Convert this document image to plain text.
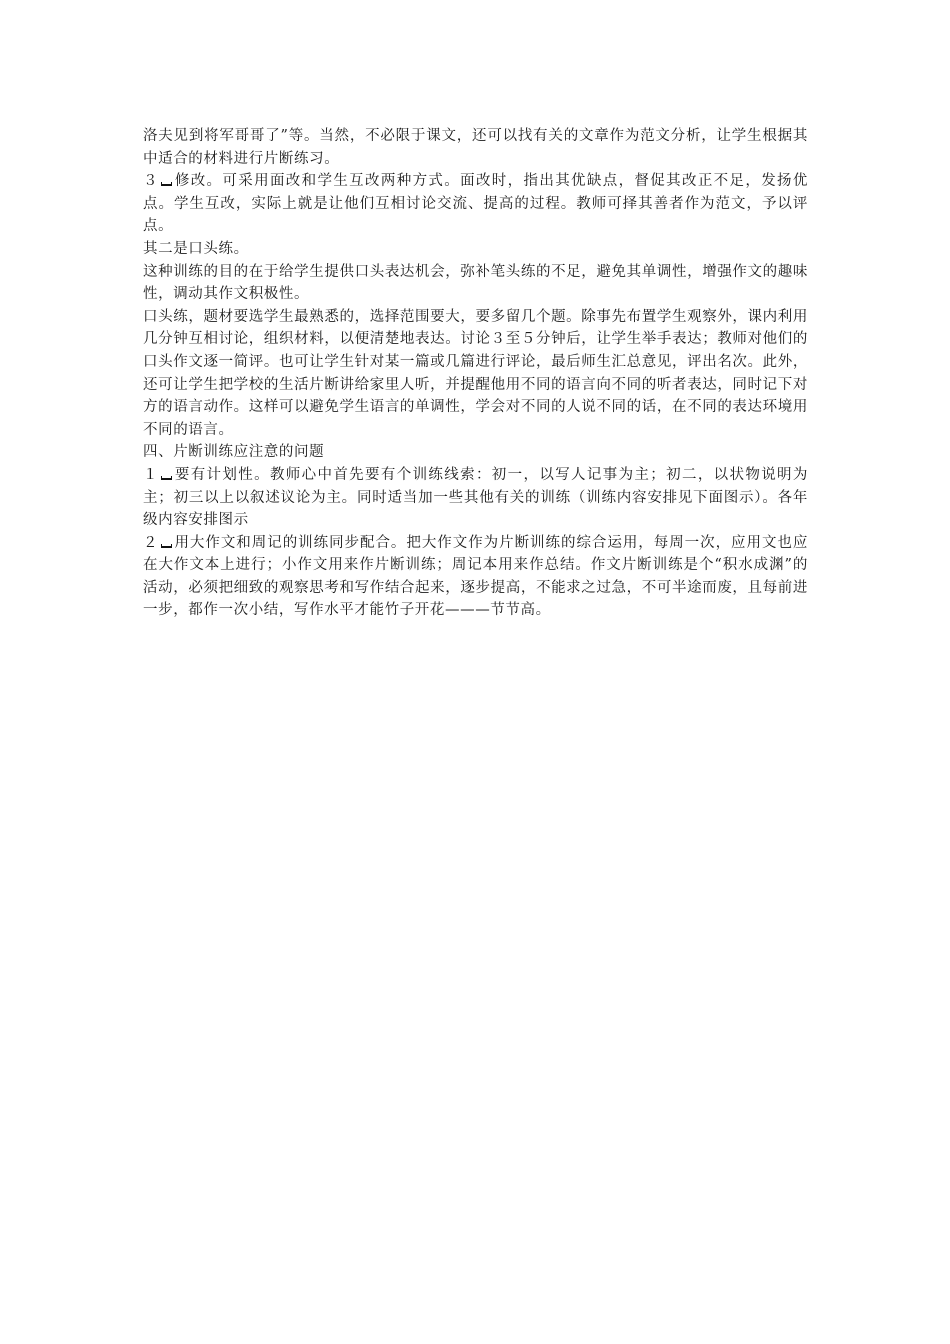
洛夫见到将军哥哥了”等。当然，不必限于课文，还可以找有关的文章作为范文分析，让学生根据其中适合的材料进行片断练习。

３ 修改。可采用面改和学生互改两种方式。面改时，指出其优缺点，督促其改正不足，发扬优点。学生互改，实际上就是让他们互相讨论交流、提高的过程。教师可择其善者作为范文，予以评点。

其二是口头练。

这种训练的目的在于给学生提供口头表达机会，弥补笔头练的不足，避免其单调性，增强作文的趣味性，调动其作文积极性。

口头练，题材要选学生最熟悉的，选择范围要大，要多留几个题。除事先布置学生观察外，课内利用几分钟互相讨论，组织材料，以便清楚地表达。讨论３至５分钟后，让学生举手表达；教师对他们的口头作文逐一简评。也可让学生针对某一篇或几篇进行评论，最后师生汇总意见，评出名次。此外，还可让学生把学校的生活片断讲给家里人听，并提醒他用不同的语言向不同的听者表达，同时记下对方的语言动作。这样可以避免学生语言的单调性，学会对不同的人说不同的话，在不同的表达环境用不同的语言。

四、片断训练应注意的问题

１ 要有计划性。教师心中首先要有个训练线索：初一，以写人记事为主；初二，以状物说明为主；初三以上以叙述议论为主。同时适当加一些其他有关的训练（训练内容安排见下面图示）。各年级内容安排图示

２ 用大作文和周记的训练同步配合。把大作文作为片断训练的综合运用，每周一次，应用文也应在大作文本上进行；小作文用来作片断训练；周记本用来作总结。作文片断训练是个“积水成渊”的活动，必须把细致的观察思考和写作结合起来，逐步提高，不能求之过急，不可半途而废，且每前进一步，都作一次小结，写作水平才能竹子开花———节节高。
